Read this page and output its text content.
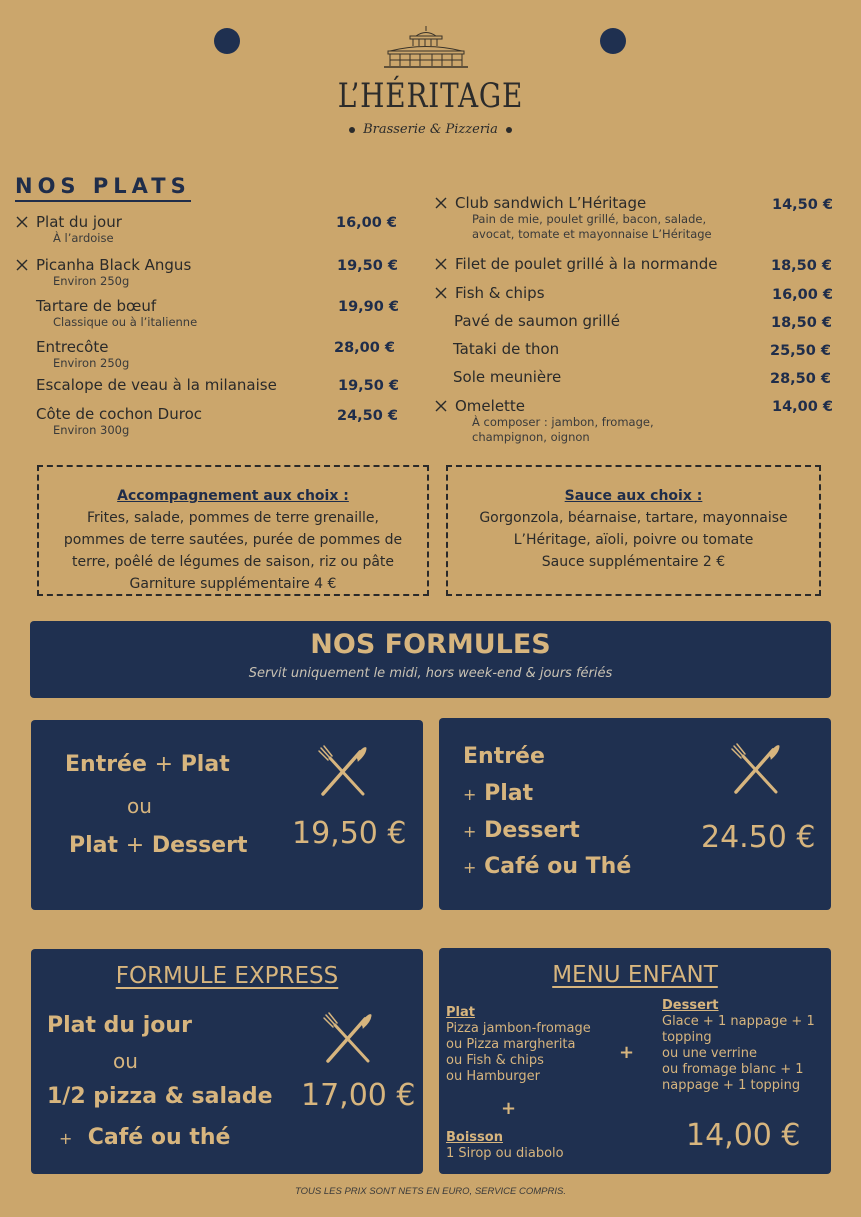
L’HÉRITAGE
Brasserie & Pizzeria
NOS PLATS
Plat du jour
À l’ardoise
16,00 €
Picanha Black Angus
Environ 250g
19,50 €
Tartare de bœuf
Classique ou à l’italienne
19,90 €
Entrecôte
Environ 250g
28,00 €
Escalope de veau à la milanaise	19,50 €
Côte de cochon Duroc
Environ 300g
24,50 €
Club sandwich L’Héritage
Pain de mie, poulet grillé, bacon, salade,
avocat, tomate et mayonnaise L’Héritage
14,50 €
Filet de poulet grillé à la normande	18,50 €
Fish & chips	16,00 €
Pavé de saumon grillé	18,50 €
Tataki de thon	25,50 €
Sole meunière	28,50 €
Omelette
À composer : jambon, fromage,
champignon, oignon
14,00 €
Accompagnement aux choix :
Frites, salade, pommes de terre grenaille,
pommes de terre sautées, purée de pommes de
terre, poêlé de légumes de saison, riz ou pâte
Garniture supplémentaire 4 €
Sauce aux choix :
Gorgonzola, béarnaise, tartare, mayonnaise
L’Héritage, aïoli, poivre ou tomate
Sauce supplémentaire 2 €
NOS FORMULES
Servit uniquement le midi, hors week-end & jours fériés
Entrée + Plat
ou
Plat + Dessert 19,50 €
Entrée
+ Plat
+ Dessert
+ Café ou Thé
24.50 €
FORMULE EXPRESS
Plat du jour
ou
1/2 pizza & salade
+ Café ou thé
17,00 €
MENU ENFANT
Plat
Pizza jambon-fromage
ou Pizza margherita
ou Fish & chips
ou Hamburger
+
Dessert
Glace + 1 nappage + 1
topping
ou une verrine
ou fromage blanc + 1
nappage + 1 topping
+
Boisson
1 Sirop ou diabolo
14,00 €
TOUS LES PRIX SONT NETS EN EURO, SERVICE COMPRIS.
